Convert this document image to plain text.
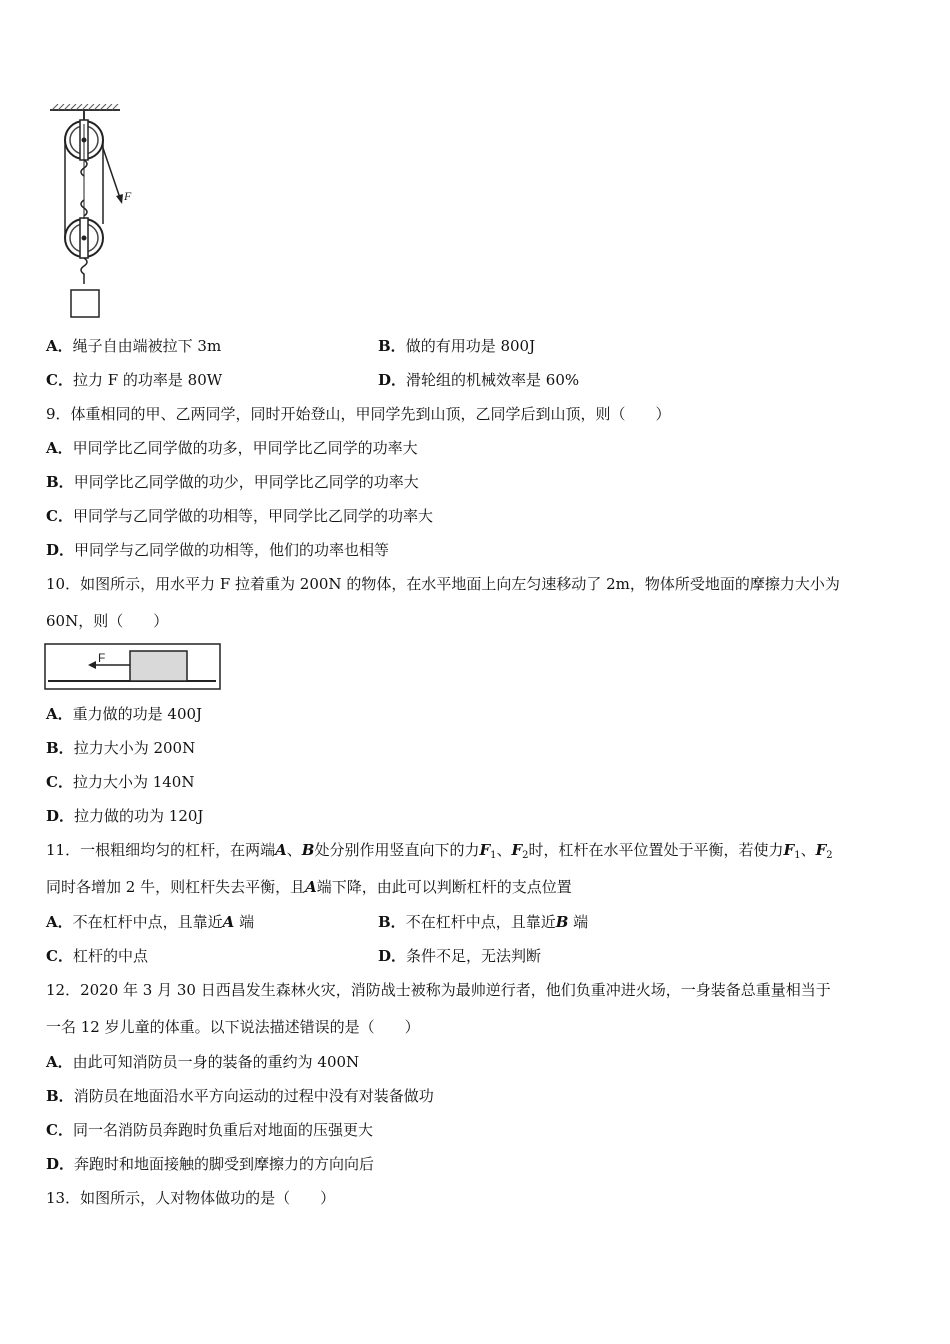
F
A．绳子自由端被拉下 3m	B．做的有用功是 800J
C．拉力 F 的功率是 80W	D．滑轮组的机械效率是 60%
9．体重相同的甲、乙两同学，同时开始登山，甲同学先到山顶，乙同学后到山顶，则（　　）
A．甲同学比乙同学做的功多，甲同学比乙同学的功率大
B．甲同学比乙同学做的功少，甲同学比乙同学的功率大
C．甲同学与乙同学做的功相等，甲同学比乙同学的功率大
D．甲同学与乙同学做的功相等，他们的功率也相等
10．如图所示，用水平力 F 拉着重为 200N 的物体，在水平地面上向左匀速移动了 2m，物体所受地面的摩擦力大小为
60N，则（　　）
F
A．重力做的功是 400J
B．拉力大小为 200N
C．拉力大小为 140N
D．拉力做的功为 120J
11．一根粗细均匀的杠杆，在两端A、B处分别作用竖直向下的力$F_1$、$F_2$时，杠杆在水平位置处于平衡，若使力$F_1$、$F_2$
同时各增加 2 牛，则杠杆失去平衡，且A端下降，由此可以判断杠杆的支点位置
A．不在杠杆中点，且靠近A 端	B．不在杠杆中点，且靠近B 端
C．杠杆的中点	D．条件不足，无法判断
12．2020 年 3 月 30 日西昌发生森林火灾，消防战士被称为最帅逆行者，他们负重冲进火场，一身装备总重量相当于
一名 12 岁儿童的体重。以下说法描述错误的是（　　）
A．由此可知消防员一身的装备的重约为 400N
B．消防员在地面沿水平方向运动的过程中没有对装备做功
C．同一名消防员奔跑时负重后对地面的压强更大
D．奔跑时和地面接触的脚受到摩擦力的方向向后
13．如图所示，人对物体做功的是（　　）
